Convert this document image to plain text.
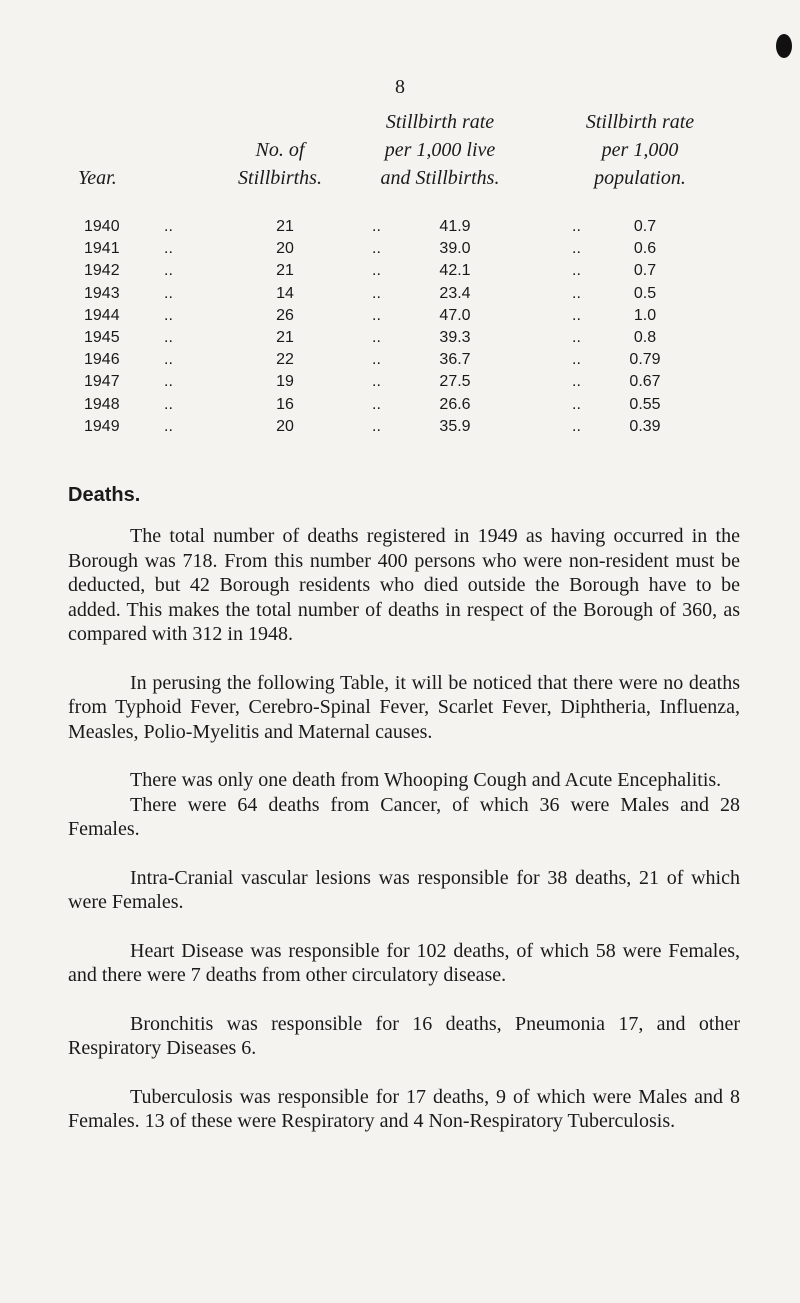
8
Year.
No. of
Stillbirths.
Stillbirth rate
per 1,000 live
and Stillbirths.
Stillbirth rate
per 1,000
population.
1940	..	21	..	41.9	..	0.7
1941	..	20	..	39.0	..	0.6
1942	..	21	..	42.1	..	0.7
1943	..	14	..	23.4	..	0.5
1944	..	26	..	47.0	..	1.0
1945	..	21	..	39.3	..	0.8
1946	..	22	..	36.7	..	0.79
1947	..	19	..	27.5	..	0.67
1948	..	16	..	26.6	..	0.55
1949	..	20	..	35.9	..	0.39
Deaths.

The total number of deaths registered in 1949 as having occurred in the Borough was 718. From this number 400 persons who were non-resident must be deducted, but 42 Borough residents who died outside the Borough have to be added. This makes the total number of deaths in respect of the Borough of 360, as compared with 312 in 1948.

In perusing the following Table, it will be noticed that there were no deaths from Typhoid Fever, Cerebro-Spinal Fever, Scarlet Fever, Diphtheria, Influenza, Measles, Polio-Myelitis and Maternal causes.

There was only one death from Whooping Cough and Acute Encephalitis.

There were 64 deaths from Cancer, of which 36 were Males and 28 Females.

Intra-Cranial vascular lesions was responsible for 38 deaths, 21 of which were Females.

Heart Disease was responsible for 102 deaths, of which 58 were Females, and there were 7 deaths from other circulatory disease.

Bronchitis was responsible for 16 deaths, Pneumonia 17, and other Respiratory Diseases 6.

Tuberculosis was responsible for 17 deaths, 9 of which were Males and 8 Females. 13 of these were Respiratory and 4 Non-Respiratory Tuberculosis.
